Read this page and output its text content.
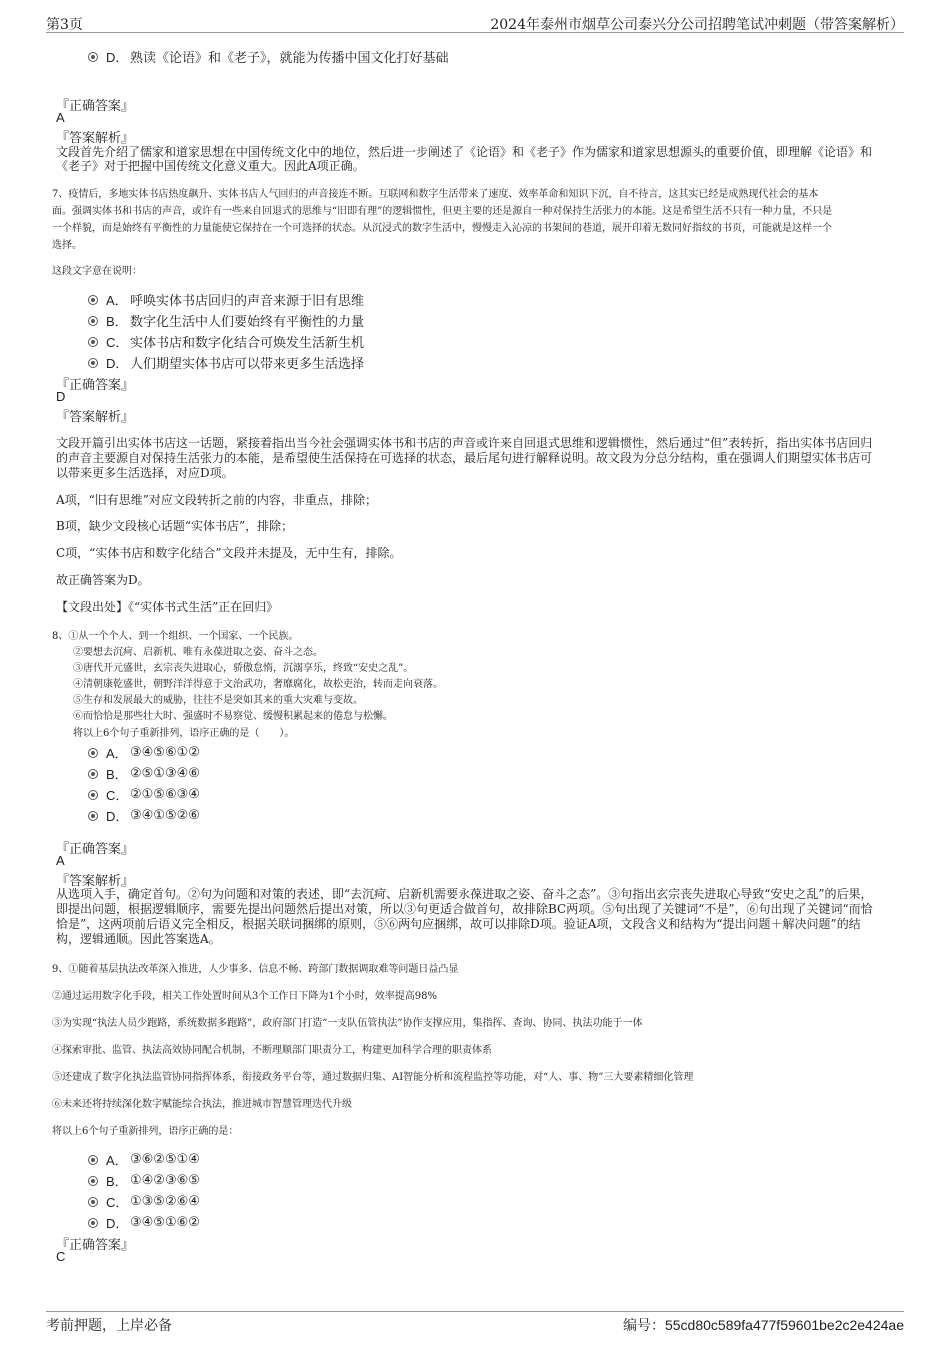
第3页	2024年泰州市烟草公司泰兴分公司招聘笔试冲刺题（带答案解析）
D． 熟读《论语》和《老子》，就能为传播中国文化打好基础
『正确答案』
A
『答案解析』
文段首先介绍了儒家和道家思想在中国传统文化中的地位，然后进一步阐述了《论语》和《老子》作为儒家和道家思想源头的重要价值，即理解《论语》和
《老子》对于把握中国传统文化意义重大。因此A项正确。
7、疫情后，多地实体书店热度飙升、实体书店人气回归的声音接连不断。互联网和数字生活带来了速度、效率革命和知识下沉，自不待言，这其实已经是成熟现代社会的基本
面。强调实体书和书店的声音，或许有一些来自回退式的思维与“旧即有理”的逻辑惯性，但更主要的还是源自一种对保持生活张力的本能。这是希望生活不只有一种力量，不只是
一个样貌，而是始终有平衡性的力量能使它保持在一个可选择的状态。从沉浸式的数字生活中，慢慢走入沁凉的书架间的巷道，展开印着无数同好指纹的书页，可能就是这样一个
选择。
这段文字意在说明：
A． 呼唤实体书店回归的声音来源于旧有思维
B． 数字化生活中人们要始终有平衡性的力量
C． 实体书店和数字化结合可焕发生活新生机
D． 人们期望实体书店可以带来更多生活选择
『正确答案』
D
『答案解析』
文段开篇引出实体书店这一话题，紧接着指出当今社会强调实体书和书店的声音或许来自回退式思维和逻辑惯性，然后通过“但”表转折，指出实体书店回归
的声音主要源自对保持生活张力的本能，是希望使生活保持在可选择的状态，最后尾句进行解释说明。故文段为分总分结构，重在强调人们期望实体书店可
以带来更多生活选择，对应D项。
A项，“旧有思维”对应文段转折之前的内容，非重点，排除；
B项，缺少文段核心话题“实体书店”，排除；
C项，“实体书店和数字化结合”文段并未提及，无中生有，排除。
故正确答案为D。
【文段出处】《“实体书式生活”正在回归》
8、①从一个个人、到一个组织、一个国家、一个民族。
②要想去沉疴、启新机、唯有永葆进取之姿、奋斗之态。
③唐代开元盛世，玄宗丧失进取心，骄傲怠惰，沉溺享乐，终致“安史之乱”。
④清朝康乾盛世，朝野洋洋得意于文治武功，奢靡腐化，故松吏治，转而走向衰落。
⑤生存和发展最大的威胁，往往不是突如其来的重大灾难与变故。
⑥而恰恰是那些壮大时、强盛时不易察觉、缓慢积累起来的倦怠与松懈。
将以上6个句子重新排列，语序正确的是（　　）。
A． ③④⑤⑥①②
B． ②⑤①③④⑥
C． ②①⑤⑥③④
D． ③④①⑤②⑥
『正确答案』
A
『答案解析』
从选项入手，确定首句。②句为问题和对策的表述，即“去沉疴、启新机需要永葆进取之姿、奋斗之态”。③句指出玄宗丧失进取心导致“安史之乱”的后果，
即提出问题，根据逻辑顺序，需要先提出问题然后提出对策，所以③句更适合做首句，故排除BC两项。⑤句出现了关键词“不是”，⑥句出现了关键词“而恰
恰是”，这两项前后语义完全相反，根据关联词捆绑的原则，⑤⑥两句应捆绑，故可以排除D项。验证A项，文段含义和结构为“提出问题＋解决问题”的结
构，逻辑通顺。因此答案选A。
9、①随着基层执法改革深入推进，人少事多、信息不畅、跨部门数据调取难等问题日益凸显
②通过运用数字化手段，相关工作处置时间从3个工作日下降为1个小时，效率提高98%
③为实现“执法人员少跑路，系统数据多跑路”，政府部门打造“一支队伍管执法”协作支撑应用，集指挥、查询、协同、执法功能于一体
④探索审批、监管、执法高效协同配合机制，不断理顺部门职责分工，构建更加科学合理的职责体系
⑤还建成了数字化执法监管协同指挥体系，衔接政务平台等，通过数据归集、AI智能分析和流程监控等功能，对“人、事、物”三大要素精细化管理
⑥未来还将持续深化数字赋能综合执法，推进城市智慧管理迭代升级
将以上6个句子重新排列，语序正确的是：
A． ③⑥②⑤①④
B． ①④②③⑥⑤
C． ①③⑤②⑥④
D． ③④⑤①⑥②
『正确答案』
C
考前押题，上岸必备	编号：55cd80c589fa477f59601be2c2e424ae
